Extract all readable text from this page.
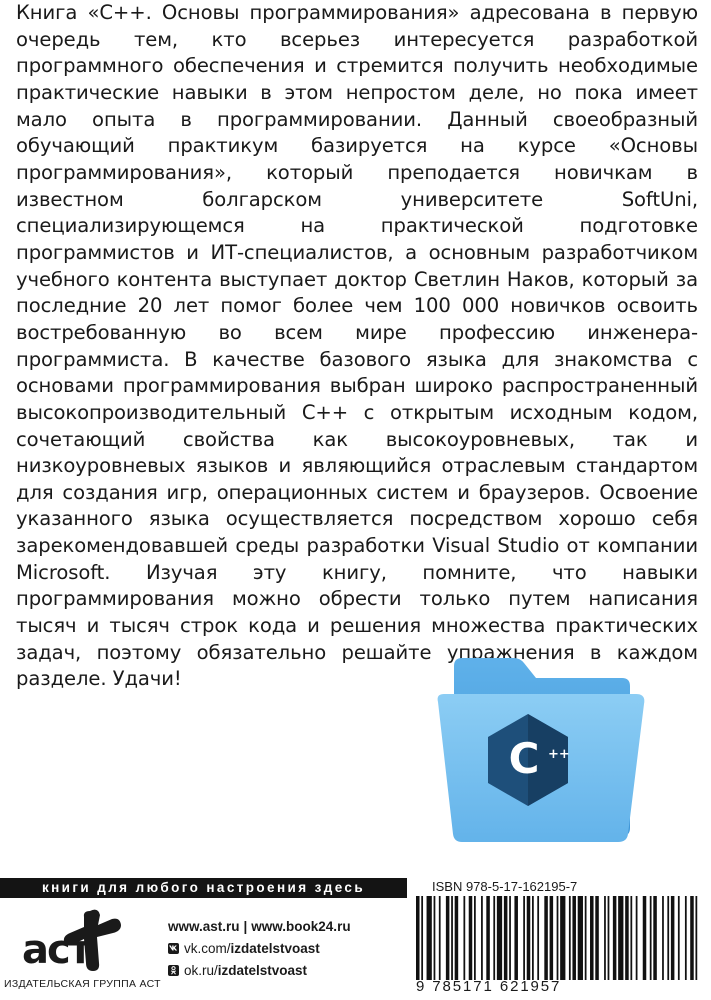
Книга «C++. Основы программирования» адресована в первую очередь тем, кто всерьез интересуется разработкой программного обеспечения и стремится получить необходимые практические навыки в этом непростом деле, но пока имеет мало опыта в программировании. Данный своеобразный обучающий практикум базируется на курсе «Основы программирования», который преподается новичкам в известном болгарском университете SoftUni, специализирующемся на практической подготовке программистов и ИТ-специалистов, а основным разработчиком учебного контента выступает доктор Светлин Наков, который за последние 20 лет помог более чем 100 000 новичков освоить востребованную во всем мире профессию инженера-программиста. В качестве базового языка для знакомства с основами программирования выбран широко распространенный высокопроизводительный C++ с открытым исходным кодом, сочетающий свойства как высокоуровневых, так и низкоуровневых языков и являющийся отраслевым стандартом для создания игр, операционных систем и браузеров. Освоение указанного языка осуществляется посредством хорошо себя зарекомендовавшей среды разработки Visual Studio от компании Microsoft. Изучая эту книгу, помните, что навыки программирования можно обрести только путем написания тысяч и тысяч строк кода и решения множества практических задач, поэтому обязательно решайте упражнения в каждом разделе. Удачи!

C ++
книги для любого настроения здесь
аст
ИЗДАТЕЛЬСКАЯ ГРУППА АСТ
www.ast.ru | www.book24.ru
vk.com/ izdatelstvoast
ok.ru/ izdatelstvoast
ISBN 978-5-17-162195-7
9 785171 621957
